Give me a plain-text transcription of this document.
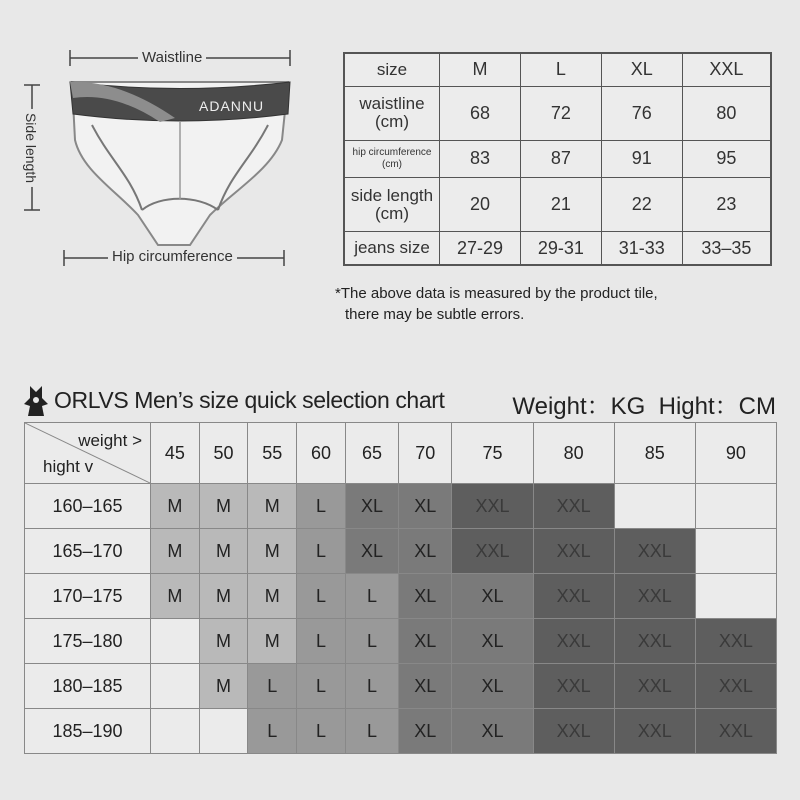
Waistline
ADANNU
Side length
Hip circumference
size	M	L	XL	XXL
waistline
(cm)	68	72	76	80
hip circumference
(cm)	83	87	91	95
side length
(cm)	20	21	22	23
jeans size	27-29	29-31	31-33	33–35
*The above data is measured by the product tile,
there may be subtle errors.
ORLVS Men’s size quick selection chart	Weight：KG  Hight：CM
weight >
hight v	45	50	55	60	65	70	75	80	85	90
160–165	M	M	M	L	XL	XL	XXL	XXL		
165–170	M	M	M	L	XL	XL	XXL	XXL	XXL	
170–175	M	M	M	L	L	XL	XL	XXL	XXL	
175–180		M	M	L	L	XL	XL	XXL	XXL	XXL
180–185		M	L	L	L	XL	XL	XXL	XXL	XXL
185–190			L	L	L	XL	XL	XXL	XXL	XXL
